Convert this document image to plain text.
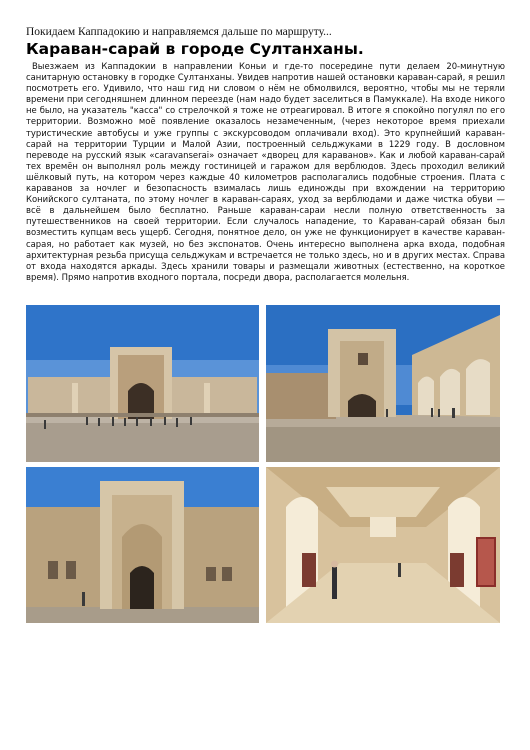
Покидаем Каппадокию и направляемся дальше по маршруту...
Караван-сарай в городе Султанханы.

Выезжаем из Каппадокии в направлении Коньи и где-то посередине пути делаем 20-минутную санитарную остановку в городке Султанханы. Увидев напротив нашей остановки караван-сарай, я решил посмотреть его. Удивило, что наш гид ни словом о нём не обмолвился, вероятно, чтобы мы не теряли времени при сегодняшнем длинном переезде (нам надо будет заселиться в Памуккале). На входе никого не было, на указатель "касса" со стрелочкой я тоже не отреагировал. В итоге я спокойно погулял по его территории. Возможно моё появление оказалось незамеченным, (через некоторое время приехали туристические автобусы и уже группы с экскурсоводом оплачивали вход). Это крупнейший караван-сарай на территории Турции и Малой Азии, построенный сельджуками в 1229 году. В дословном переводе на русский язык «caravanserai» означает «дворец для караванов». Как и любой караван-сарай тех времён он выполнял роль между гостиницей и гаражом для верблюдов. Здесь проходил великий шёлковый путь, на котором через каждые 40 километров располагались подобные строения. Плата с караванов за ночлег и безопасность взималась лишь единожды при вхождении на территорию Конийского султаната, по этому ночлег в караван-сараях, уход за верблюдами и даже чистка обуви — всё в дальнейшем было бесплатно. Раньше караван-сараи несли полную ответственность за путешественников на своей территории. Если случалось нападение, то Караван-сарай обязан был возместить купцам весь ущерб. Сегодня, понятное дело, он уже не функционирует в качестве караван-сарая, но работает как музей, но без экспонатов. Очень интересно выполнена арка входа, подобная архитектурная резьба присуща сельджукам и встречается не только здесь, но и в других местах. Справа от входа находятся аркады. Здесь хранили товары и размещали животных (естественно, на короткое время). Прямо напротив входного портала, посреди двора, располагается молельня.
